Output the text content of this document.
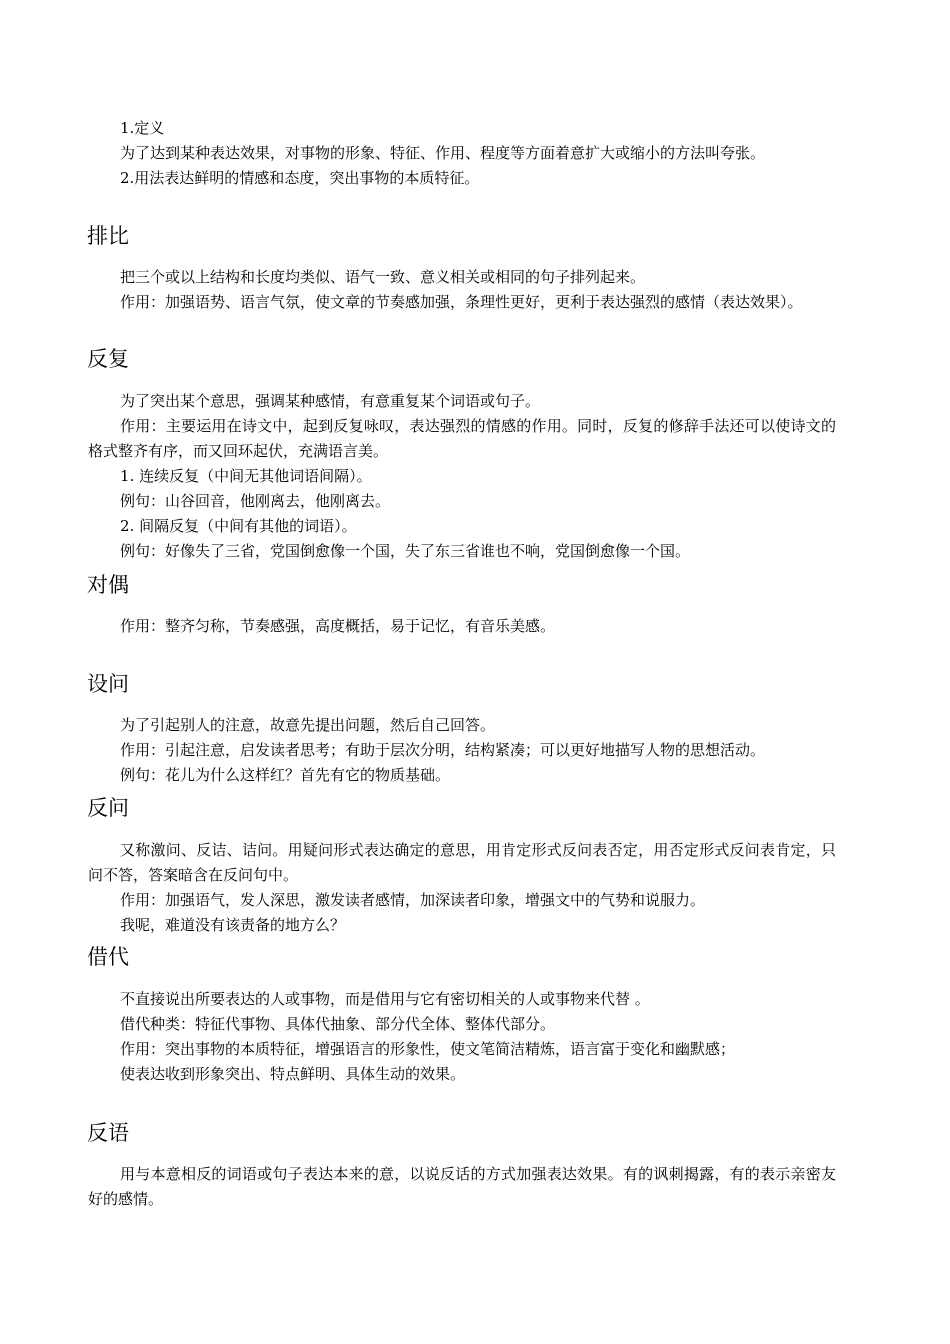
1.定义
为了达到某种表达效果，对事物的形象、特征、作用、程度等方面着意扩大或缩小的方法叫夸张。
2.用法表达鲜明的情感和态度，突出事物的本质特征。
排比
把三个或以上结构和长度均类似、语气一致、意义相关或相同的句子排列起来。
作用：加强语势、语言气氛，使文章的节奏感加强，条理性更好，更利于表达强烈的感情（表达效果）。
反复
为了突出某个意思，强调某种感情，有意重复某个词语或句子。
作用：主要运用在诗文中，起到反复咏叹，表达强烈的情感的作用。同时，反复的修辞手法还可以使诗文的格式整齐有序，而又回环起伏，充满语言美。
1. 连续反复（中间无其他词语间隔）。
例句：山谷回音，他刚离去，他刚离去。
2. 间隔反复（中间有其他的词语）。
例句：好像失了三省，党国倒愈像一个国，失了东三省谁也不响，党国倒愈像一个国。
对偶
作用：整齐匀称，节奏感强，高度概括，易于记忆，有音乐美感。
设问
为了引起别人的注意，故意先提出问题，然后自己回答。
作用：引起注意，启发读者思考；有助于层次分明，结构紧凑；可以更好地描写人物的思想活动。
例句：花儿为什么这样红？首先有它的物质基础。
反问
又称激问、反诘、诘问。用疑问形式表达确定的意思，用肯定形式反问表否定，用否定形式反问表肯定，只问不答，答案暗含在反问句中。
作用：加强语气，发人深思，激发读者感情，加深读者印象，增强文中的气势和说服力。
我呢，难道没有该责备的地方么？
借代
不直接说出所要表达的人或事物，而是借用与它有密切相关的人或事物来代替 。
借代种类：特征代事物、具体代抽象、部分代全体、整体代部分。
作用：突出事物的本质特征，增强语言的形象性，使文笔简洁精炼，语言富于变化和幽默感；
使表达收到形象突出、特点鲜明、具体生动的效果。
反语
用与本意相反的词语或句子表达本来的意，以说反话的方式加强表达效果。有的讽刺揭露，有的表示亲密友好的感情。
